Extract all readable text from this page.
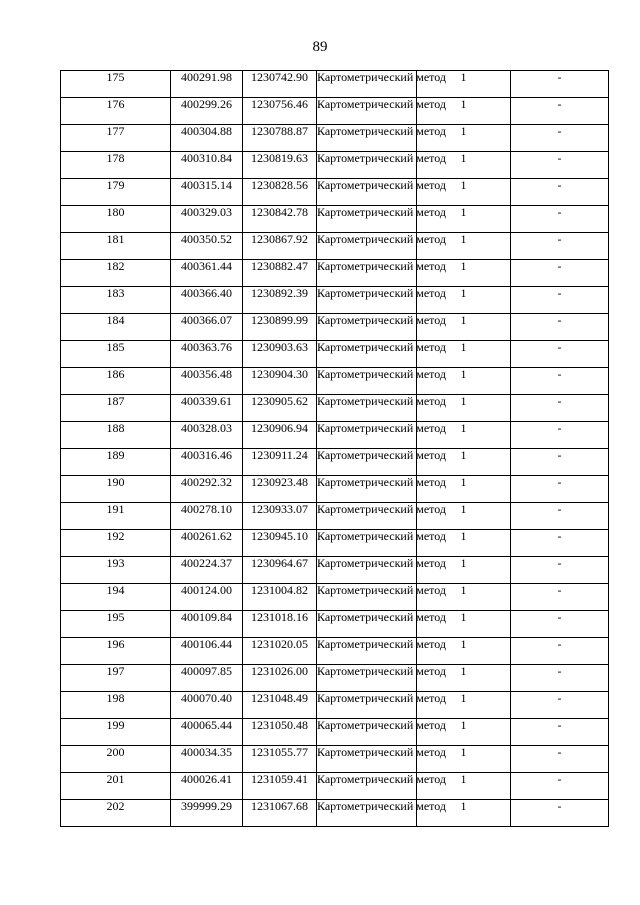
89
175	400291.98	1230742.90	Картометрический метод	1	-
176	400299.26	1230756.46	Картометрический метод	1	-
177	400304.88	1230788.87	Картометрический метод	1	-
178	400310.84	1230819.63	Картометрический метод	1	-
179	400315.14	1230828.56	Картометрический метод	1	-
180	400329.03	1230842.78	Картометрический метод	1	-
181	400350.52	1230867.92	Картометрический метод	1	-
182	400361.44	1230882.47	Картометрический метод	1	-
183	400366.40	1230892.39	Картометрический метод	1	-
184	400366.07	1230899.99	Картометрический метод	1	-
185	400363.76	1230903.63	Картометрический метод	1	-
186	400356.48	1230904.30	Картометрический метод	1	-
187	400339.61	1230905.62	Картометрический метод	1	-
188	400328.03	1230906.94	Картометрический метод	1	-
189	400316.46	1230911.24	Картометрический метод	1	-
190	400292.32	1230923.48	Картометрический метод	1	-
191	400278.10	1230933.07	Картометрический метод	1	-
192	400261.62	1230945.10	Картометрический метод	1	-
193	400224.37	1230964.67	Картометрический метод	1	-
194	400124.00	1231004.82	Картометрический метод	1	-
195	400109.84	1231018.16	Картометрический метод	1	-
196	400106.44	1231020.05	Картометрический метод	1	-
197	400097.85	1231026.00	Картометрический метод	1	-
198	400070.40	1231048.49	Картометрический метод	1	-
199	400065.44	1231050.48	Картометрический метод	1	-
200	400034.35	1231055.77	Картометрический метод	1	-
201	400026.41	1231059.41	Картометрический метод	1	-
202	399999.29	1231067.68	Картометрический метод	1	-
